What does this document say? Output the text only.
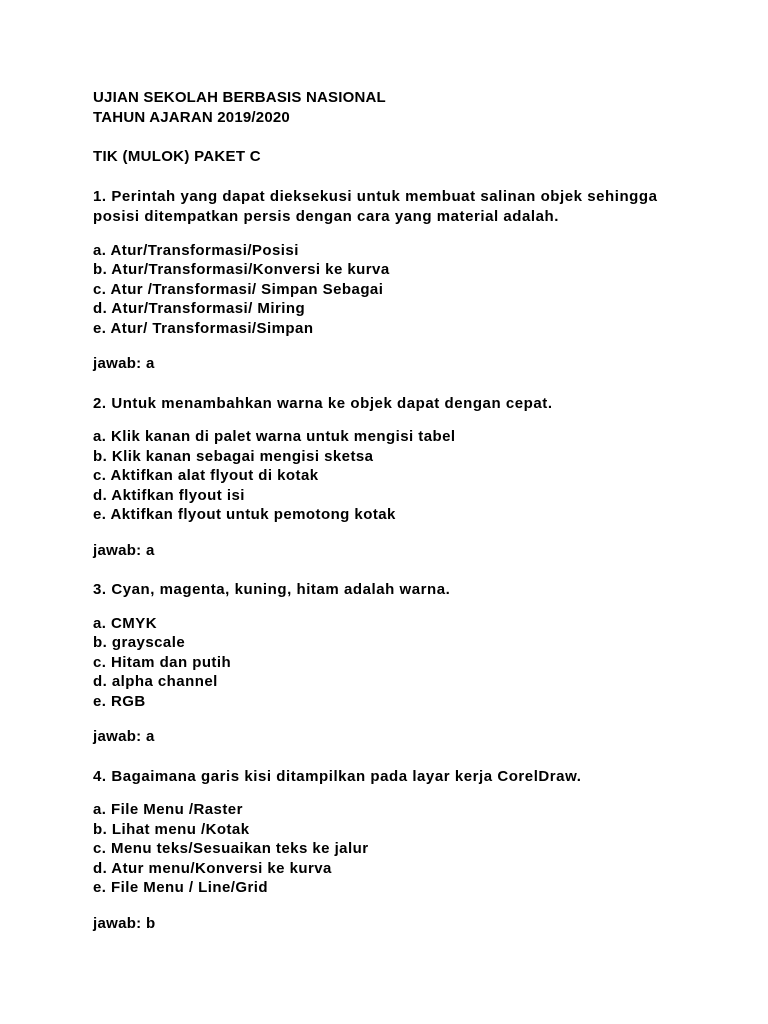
UJIAN SEKOLAH BERBASIS NASIONAL
TAHUN AJARAN 2019/2020
TIK (MULOK) PAKET C
1. Perintah yang dapat dieksekusi untuk membuat salinan objek sehingga posisi ditempatkan persis dengan cara yang material adalah.
a. Atur/Transformasi/Posisi
b. Atur/Transformasi/Konversi ke kurva
c. Atur /Transformasi/ Simpan Sebagai
d. Atur/Transformasi/ Miring
e. Atur/ Transformasi/Simpan
jawab: a
2. Untuk menambahkan warna ke objek dapat dengan cepat.
a. Klik kanan di palet warna untuk mengisi tabel
b. Klik kanan sebagai mengisi sketsa
c. Aktifkan alat flyout di kotak
d. Aktifkan flyout isi
e. Aktifkan flyout untuk pemotong kotak
jawab: a
3. Cyan, magenta, kuning, hitam adalah warna.
a. CMYK
b. grayscale
c. Hitam dan putih
d. alpha channel
e. RGB
jawab: a
4. Bagaimana garis kisi ditampilkan pada layar kerja CorelDraw.
a. File Menu /Raster
b. Lihat menu /Kotak
c. Menu teks/Sesuaikan teks ke jalur
d. Atur menu/Konversi ke kurva
e. File Menu / Line/Grid
jawab: b
